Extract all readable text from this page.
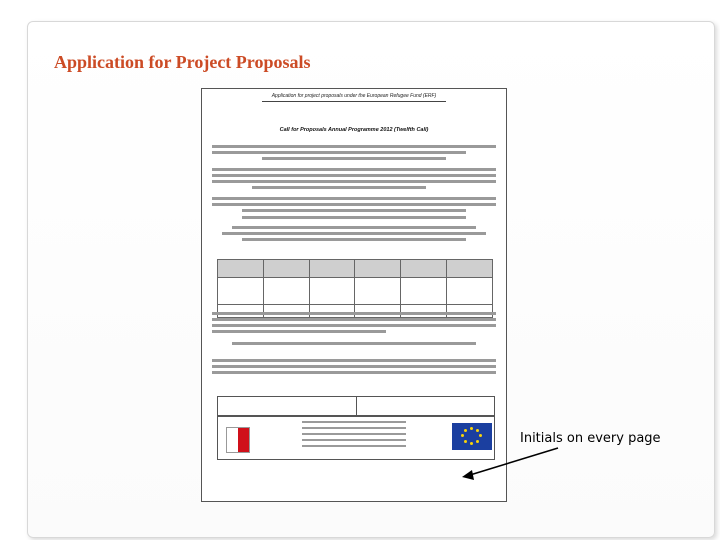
Application for Project Proposals
Application for project proposals under the European Refugee Fund (ERF)
Call for Proposals Annual Programme 2012 (Twelfth Call)

Initials on every page
